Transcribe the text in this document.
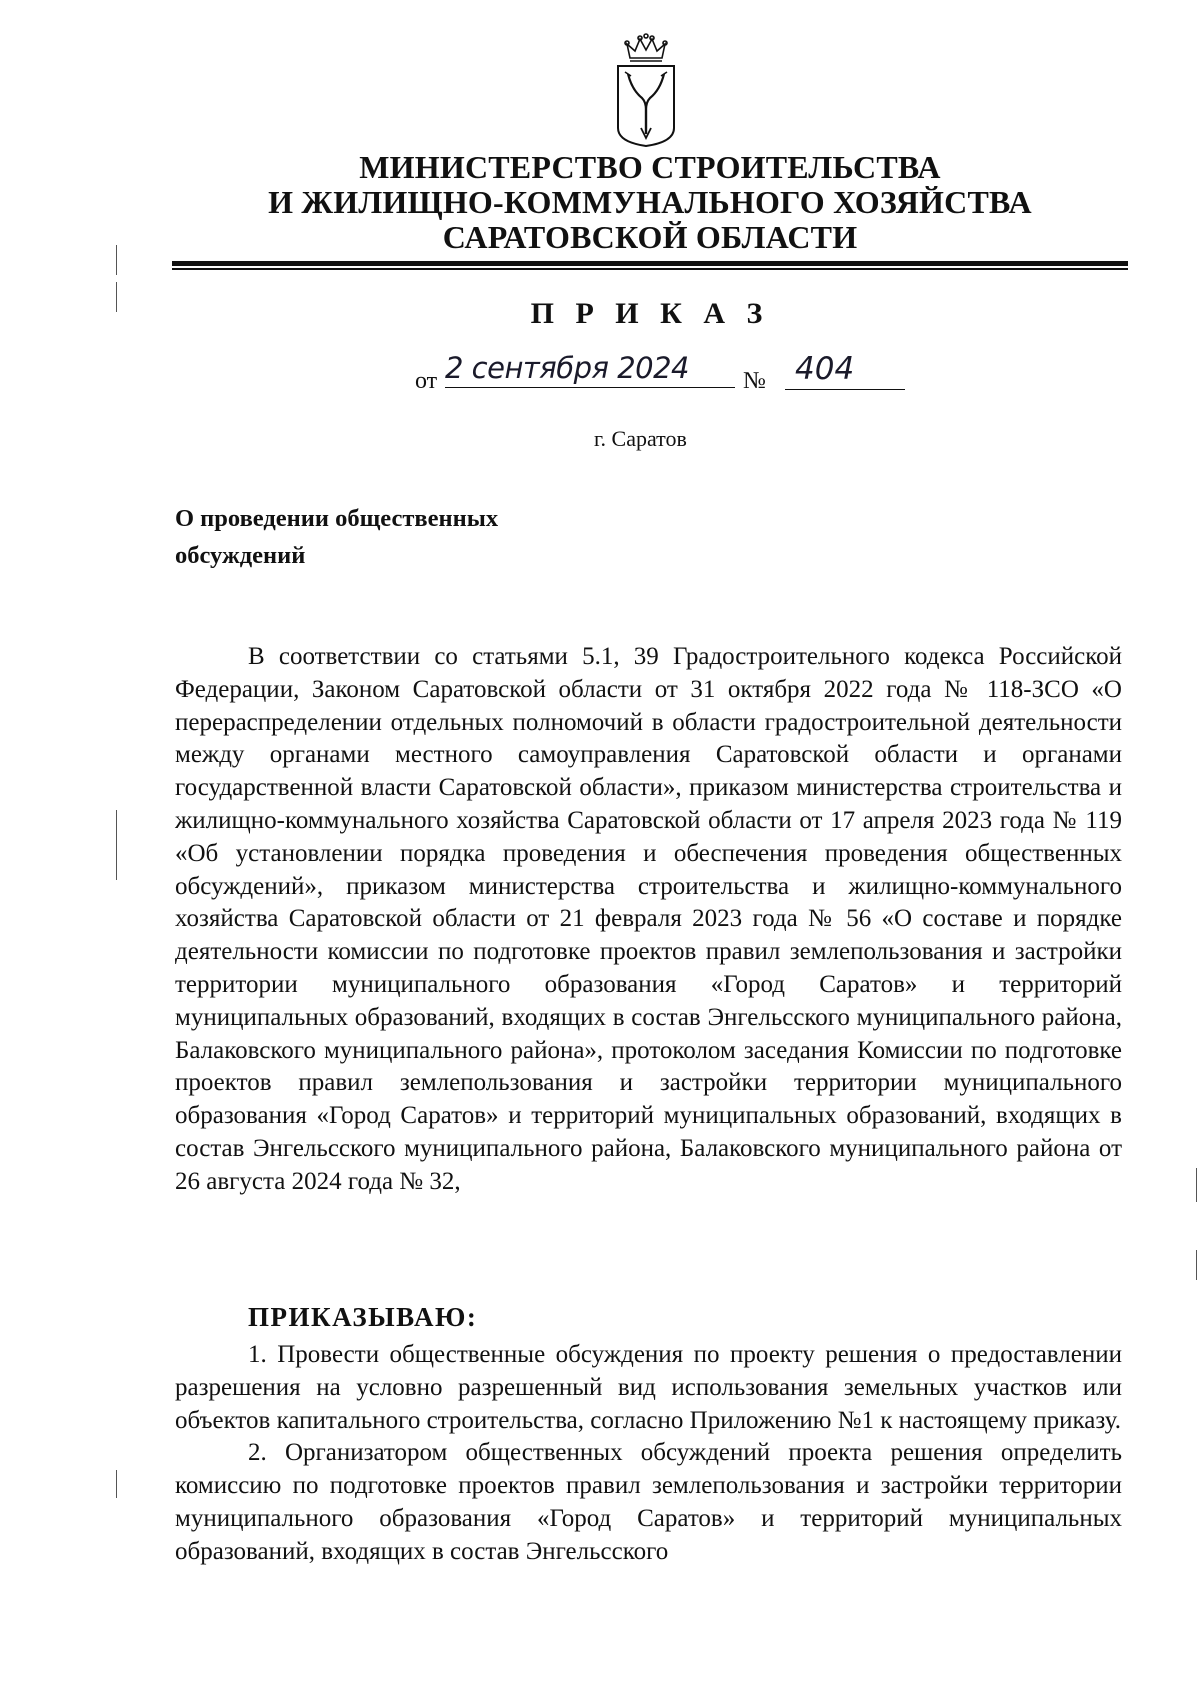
МИНИСТЕРСТВО СТРОИТЕЛЬСТВА
И ЖИЛИЩНО-КОММУНАЛЬНОГО ХОЗЯЙСТВА
САРАТОВСКОЙ ОБЛАСТИ
П Р И К А З
от 2 сентября 2024	№ 404
г. Саратов
О проведении общественных
обсуждений
В соответствии со статьями 5.1, 39 Градостроительного кодекса Российской Федерации, Законом Саратовской области от 31 октября 2022 года № 118-ЗСО «О перераспределении отдельных полномочий в области градостроительной деятельности между органами местного самоуправления Саратовской области и органами государственной власти Саратовской области», приказом министерства строительства и жилищно-коммунального хозяйства Саратовской области от 17 апреля 2023 года № 119 «Об установлении порядка проведения и обеспечения проведения общественных обсуждений», приказом министерства строительства и жилищно-коммунального хозяйства Саратовской области от 21 февраля 2023 года № 56 «О составе и порядке деятельности комиссии по подготовке проектов правил землепользования и застройки территории муниципального образования «Город Саратов» и территорий муниципальных образований, входящих в состав Энгельсского муниципального района, Балаковского муниципального района», протоколом заседания Комиссии по подготовке проектов правил землепользования и застройки территории муниципального образования «Город Саратов» и территорий муниципальных образований, входящих в состав Энгельсского муниципального района, Балаковского муниципального района от 26 августа 2024 года № 32,
ПРИКАЗЫВАЮ:

1. Провести общественные обсуждения по проекту решения о предоставлении разрешения на условно разрешенный вид использования земельных участков или объектов капитального строительства, согласно Приложению №1 к настоящему приказу.

2. Организатором общественных обсуждений проекта решения определить комиссию по подготовке проектов правил землепользования и застройки территории муниципального образования «Город Саратов» и территорий муниципальных образований, входящих в состав Энгельсского
